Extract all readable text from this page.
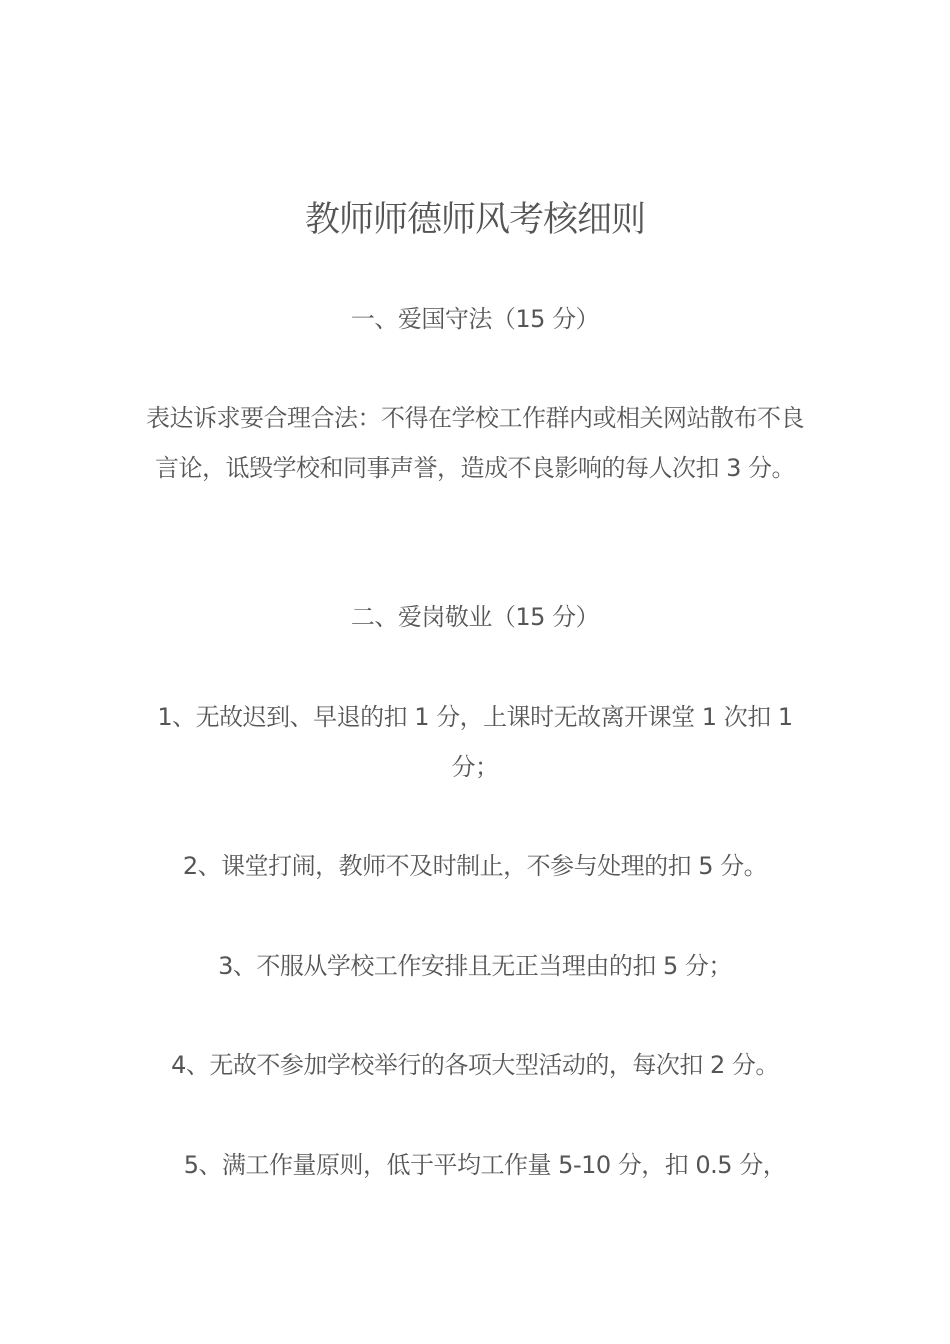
教师师德师风考核细则
一、爱国守法（15 分）
表达诉求要合理合法：不得在学校工作群内或相关网站散布不良言论，诋毁学校和同事声誉，造成不良影响的每人次扣 3 分。
二、爱岗敬业（15 分）
1、无故迟到、早退的扣 1 分，上课时无故离开课堂 1 次扣 1 分；
2、课堂打闹，教师不及时制止，不参与处理的扣 5 分。
3、不服从学校工作安排且无正当理由的扣 5 分；
4、无故不参加学校举行的各项大型活动的，每次扣 2 分。
5、满工作量原则，低于平均工作量 5-10 分，扣 0.5 分，
